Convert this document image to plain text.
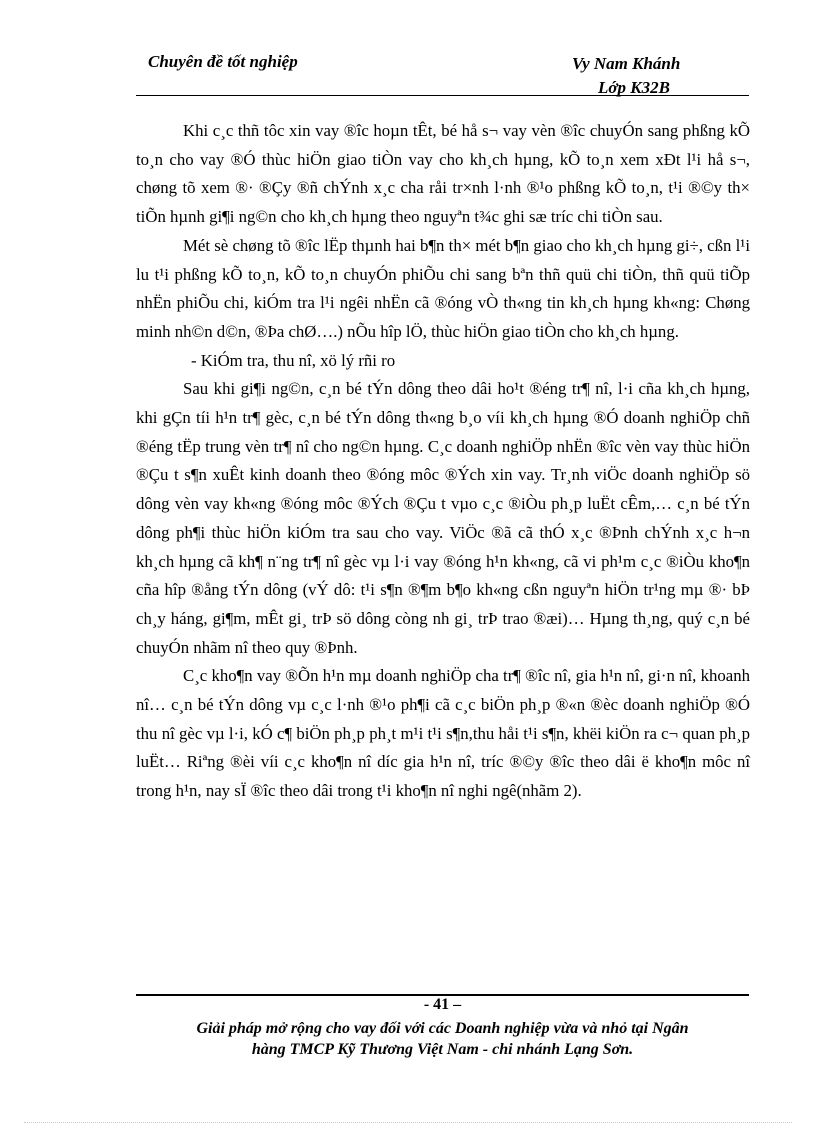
Chuyên đề tốt nghiệp	Vy Nam Khánh
Lớp K32B

Khi c¸c thñ tôc xin vay ®îc hoµn tÊt, bé hå s¬ vay vèn ®îc chuyÓn sang phßng kÕ to¸n cho vay ®Ó thùc hiÖn giao tiÒn vay cho kh¸ch hµng, kÕ to¸n xem xÐt l¹i hå s¬, chøng tõ xem ®· ®Çy ®ñ chÝnh x¸c cha råi tr×nh l·nh ®¹o phßng kÕ to¸n, t¹i ®©y th× tiÕn hµnh gi¶i ng©n cho kh¸ch hµng theo nguyªn t¾c ghi sæ tríc chi tiÒn sau.

Mét sè chøng tõ ®îc lËp thµnh hai b¶n th× mét b¶n giao cho kh¸ch hµng gi÷, cßn l¹i lu t¹i phßng kÕ to¸n, kÕ to¸n chuyÓn phiÕu chi sang bªn thñ quü chi tiÒn, thñ quü tiÕp nhËn phiÕu chi, kiÓm tra l¹i ngêi nhËn cã ®óng vÒ th«ng tin kh¸ch hµng kh«ng: Chøng minh nh©n d©n, ®Þa chØ….) nÕu hîp lÖ, thùc hiÖn giao tiÒn cho kh¸ch hµng.

- KiÓm tra, thu nî, xö lý rñi ro

Sau khi gi¶i ng©n, c¸n bé tÝn dông theo dâi ho¹t ®éng tr¶ nî, l·i cña kh¸ch hµng, khi gÇn tíi h¹n tr¶ gèc, c¸n bé tÝn dông th«ng b¸o víi kh¸ch hµng ®Ó doanh nghiÖp chñ ®éng tËp trung vèn tr¶ nî cho ng©n hµng. C¸c doanh nghiÖp nhËn ®îc vèn vay thùc hiÖn ®Çu t s¶n xuÊt kinh doanh theo ®óng môc ®Ých xin vay. Tr¸nh viÖc doanh nghiÖp sö dông vèn vay kh«ng ®óng môc ®Ých ®Çu t vµo c¸c ®iÒu ph¸p luËt cÊm,… c¸n bé tÝn dông ph¶i thùc hiÖn kiÓm tra sau cho vay. ViÖc ®ã cã thÓ x¸c ®Þnh chÝnh x¸c h¬n kh¸ch hµng cã kh¶ n¨ng tr¶ nî gèc vµ l·i vay ®óng h¹n kh«ng, cã vi ph¹m c¸c ®iÒu kho¶n cña hîp ®ång tÝn dông (vÝ dô: t¹i s¶n ®¶m b¶o kh«ng cßn nguyªn hiÖn tr¹ng mµ ®· bÞ ch¸y háng, gi¶m, mÊt gi¸ trÞ sö dông còng nh gi¸ trÞ trao ®æi)… Hµng th¸ng, quý c¸n bé chuyÓn nhãm nî theo quy ®Þnh.

C¸c kho¶n vay ®Õn h¹n mµ doanh nghiÖp cha tr¶ ®îc nî, gia h¹n nî, gi·n nî, khoanh nî… c¸n bé tÝn dông vµ c¸c l·nh ®¹o ph¶i cã c¸c biÖn ph¸p ®«n ®èc doanh nghiÖp ®Ó thu nî gèc vµ l·i, kÓ c¶ biÖn ph¸p ph¸t m¹i t¹i s¶n,thu håi t¹i s¶n, khëi kiÖn ra c¬ quan ph¸p luËt… Riªng ®èi víi c¸c kho¶n nî díc gia h¹n nî, tríc ®©y ®îc theo dâi ë kho¶n môc nî trong h¹n, nay sÏ ®îc theo dâi trong t¹i kho¶n nî nghi ngê(nhãm 2).

- 41 –
Giải pháp mở rộng cho vay đối với các Doanh nghiệp vừa và nhỏ tại Ngân
hàng TMCP Kỹ Thương Việt Nam - chi nhánh Lạng Sơn.
